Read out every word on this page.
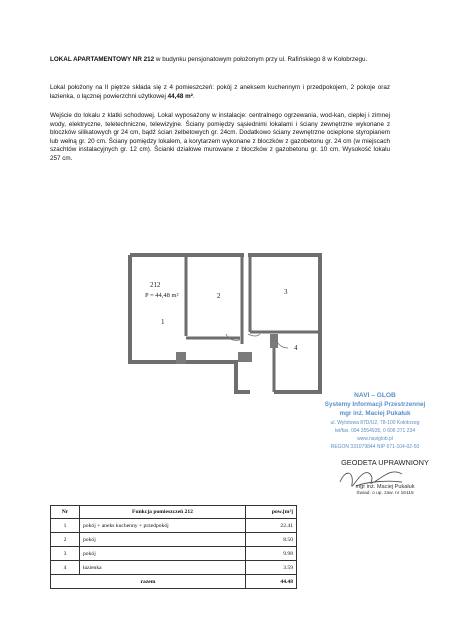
LOKAL APARTAMENTOWY NR 212 w budynku pensjonatowym położonym przy ul. Rafińskiego 8 w Kołobrzegu.
Lokal położony na II piętrze składa się z 4 pomieszczeń: pokój z aneksem kuchennym i przedpokojem, 2 pokoje oraz łazienka, o łącznej powierzchni użytkowej 44,48 m².
Wejście do lokalu z klatki schodowej. Lokal wyposażony w instalacje: centralnego ogrzewania, wod-kan, ciepłej i zimnej wody, elektryczne, teletechniczne, telewizyjne. Ściany pomiędzy sąsiednimi lokalami i ściany zewnętrzne wykonane z bloczków silikatowych gr 24 cm, bądź ścian żelbetowych gr. 24cm. Dodatkowo ściany zewnętrzne ocieplone styropianem lub wełną gr. 20 cm. Ściany pomiędzy lokalem, a korytarzem wykonane z bloczków z gazobetonu gr. 24 cm (w miejscach szachtów instalacyjnych gr. 12 cm). Ścianki działowe murowane z bloczków z gazobetonu gr. 10 cm. Wysokość lokalu 257 cm.
212
P = 44,48 m²
1
2	3
4
NAVI – GLOB
Systemy Informacji Przestrzennej
mgr inż. Maciej Pukałuk
ul. Wylotowa 87D/U2, 78-100 Kołobrzeg
tel/fax. 094 3554935, 0 606 271 234
www.naviglob.pl
REGON 331079844 NIP 671-104-02-50
GEODETA UPRAWNIONY
mgr inż. Maciej Pukałuk
Świad. o up. zaw. nr 16115
Nr	Funkcja pomieszczeń 212	pow.[m²]
1	pokój + aneks kuchenny + przedpokój	22.41
2	pokój	8.50
3	pokój	9.98
4	łazienka	3.59
razem		44.48
